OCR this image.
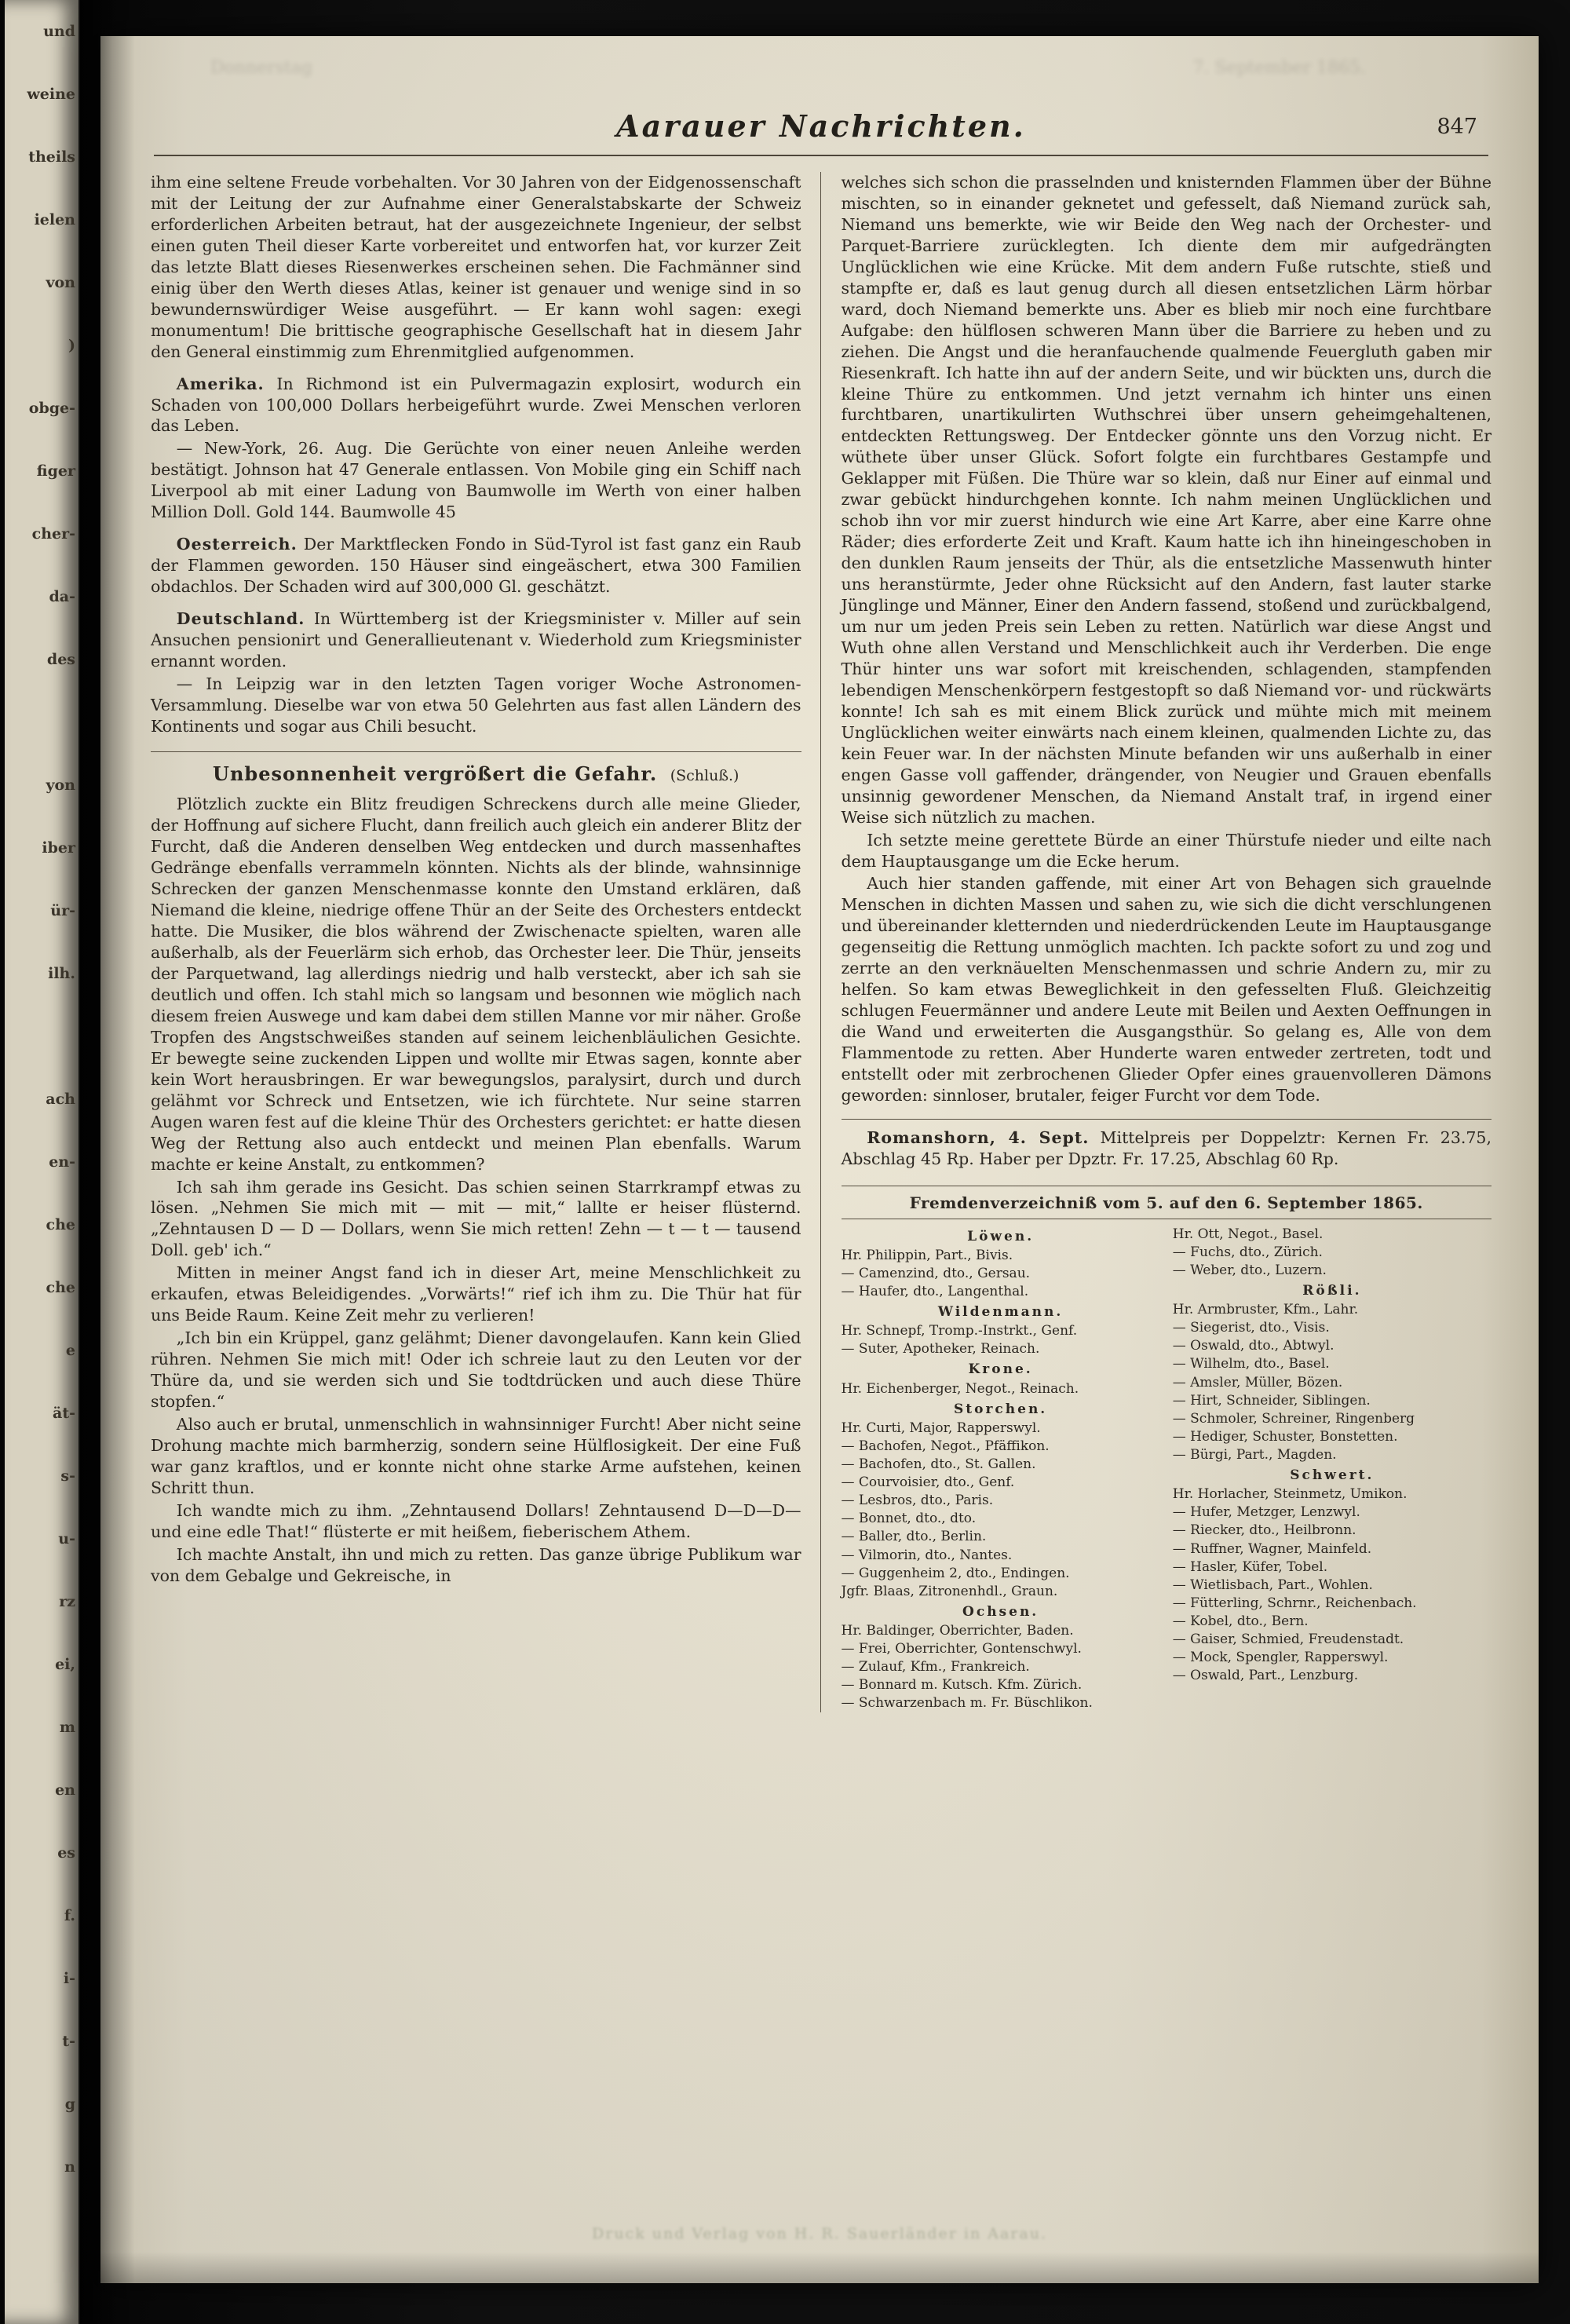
und
weine
theils
ielen
von
)
obge-
figer
cher-
da-
des
yon
iber
ür-
ilh.
ach
en-
che
che
e
ät-
s-
u-
rz
ei,
m
en
es
f.
i-
t-
g
n
Donnerstag	7. September 1865.
Aarauer Nachrichten.	847

ihm eine seltene Freude vorbehalten. Vor 30 Jahren von der Eidgenossenschaft mit der Leitung der zur Aufnahme einer Generalstabskarte der Schweiz erforderlichen Arbeiten betraut, hat der ausgezeichnete Ingenieur, der selbst einen guten Theil dieser Karte vorbereitet und entworfen hat, vor kurzer Zeit das letzte Blatt dieses Riesenwerkes erscheinen sehen. Die Fachmänner sind einig über den Werth dieses Atlas, keiner ist genauer und wenige sind in so bewundernswürdiger Weise ausgeführt. — Er kann wohl sagen: exegi monumentum! Die brittische geographische Gesellschaft hat in diesem Jahr den General einstimmig zum Ehrenmitglied aufgenommen.

Amerika. In Richmond ist ein Pulvermagazin explosirt, wodurch ein Schaden von 100,000 Dollars herbeigeführt wurde. Zwei Menschen verloren das Leben.

— New-York, 26. Aug. Die Gerüchte von einer neuen Anleihe werden bestätigt. Johnson hat 47 Generale entlassen. Von Mobile ging ein Schiff nach Liverpool ab mit einer Ladung von Baumwolle im Werth von einer halben Million Doll. Gold 144. Baumwolle 45

Oesterreich. Der Marktflecken Fondo in Süd-Tyrol ist fast ganz ein Raub der Flammen geworden. 150 Häuser sind eingeäschert, etwa 300 Familien obdachlos. Der Schaden wird auf 300,000 Gl. geschätzt.

Deutschland. In Württemberg ist der Kriegsminister v. Miller auf sein Ansuchen pensionirt und Generallieutenant v. Wiederhold zum Kriegsminister ernannt worden.

— In Leipzig war in den letzten Tagen voriger Woche Astronomen-Versammlung. Dieselbe war von etwa 50 Gelehrten aus fast allen Ländern des Kontinents und sogar aus Chili besucht.

Unbesonnenheit vergrößert die Gefahr. (Schluß.)
Plötzlich zuckte ein Blitz freudigen Schreckens durch alle meine Glieder, der Hoffnung auf sichere Flucht, dann freilich auch gleich ein anderer Blitz der Furcht, daß die Anderen denselben Weg entdecken und durch massenhaftes Gedränge ebenfalls verrammeln könnten. Nichts als der blinde, wahnsinnige Schrecken der ganzen Menschenmasse konnte den Umstand erklären, daß Niemand die kleine, niedrige offene Thür an der Seite des Orchesters entdeckt hatte. Die Musiker, die blos während der Zwischenacte spielten, waren alle außerhalb, als der Feuerlärm sich erhob, das Orchester leer. Die Thür, jenseits der Parquetwand, lag allerdings niedrig und halb versteckt, aber ich sah sie deutlich und offen. Ich stahl mich so langsam und besonnen wie möglich nach diesem freien Auswege und kam dabei dem stillen Manne vor mir näher. Große Tropfen des Angstschweißes standen auf seinem leichenbläulichen Gesichte. Er bewegte seine zuckenden Lippen und wollte mir Etwas sagen, konnte aber kein Wort herausbringen. Er war bewegungslos, paralysirt, durch und durch gelähmt vor Schreck und Entsetzen, wie ich fürchtete. Nur seine starren Augen waren fest auf die kleine Thür des Orchesters gerichtet: er hatte diesen Weg der Rettung also auch entdeckt und meinen Plan ebenfalls. Warum machte er keine Anstalt, zu entkommen?
Ich sah ihm gerade ins Gesicht. Das schien seinen Starrkrampf etwas zu lösen. „Nehmen Sie mich mit — mit — mit,“ lallte er heiser flüsternd. „Zehntausen D — D — Dollars, wenn Sie mich retten! Zehn — t — t — tausend Doll. geb' ich.“
Mitten in meiner Angst fand ich in dieser Art, meine Menschlichkeit zu erkaufen, etwas Beleidigendes. „Vorwärts!“ rief ich ihm zu. Die Thür hat für uns Beide Raum. Keine Zeit mehr zu verlieren!
„Ich bin ein Krüppel, ganz gelähmt; Diener davongelaufen. Kann kein Glied rühren. Nehmen Sie mich mit! Oder ich schreie laut zu den Leuten vor der Thüre da, und sie werden sich und Sie todtdrücken und auch diese Thüre stopfen.“
Also auch er brutal, unmenschlich in wahnsinniger Furcht! Aber nicht seine Drohung machte mich barmherzig, sondern seine Hülflosigkeit. Der eine Fuß war ganz kraftlos, und er konnte nicht ohne starke Arme aufstehen, keinen Schritt thun.
Ich wandte mich zu ihm. „Zehntausend Dollars! Zehntausend D—D—D— und eine edle That!“ flüsterte er mit heißem, fieberischem Athem.
Ich machte Anstalt, ihn und mich zu retten. Das ganze übrige Publikum war von dem Gebalge und Gekreische, in
welches sich schon die prasselnden und knisternden Flammen über der Bühne mischten, so in einander geknetet und gefesselt, daß Niemand zurück sah, Niemand uns bemerkte, wie wir Beide den Weg nach der Orchester- und Parquet-Barriere zurücklegten. Ich diente dem mir aufgedrängten Unglücklichen wie eine Krücke. Mit dem andern Fuße rutschte, stieß und stampfte er, daß es laut genug durch all diesen entsetzlichen Lärm hörbar ward, doch Niemand bemerkte uns. Aber es blieb mir noch eine furchtbare Aufgabe: den hülflosen schweren Mann über die Barriere zu heben und zu ziehen. Die Angst und die heranfauchende qualmende Feuergluth gaben mir Riesenkraft. Ich hatte ihn auf der andern Seite, und wir bückten uns, durch die kleine Thüre zu entkommen. Und jetzt vernahm ich hinter uns einen furchtbaren, unartikulirten Wuthschrei über unsern geheimgehaltenen, entdeckten Rettungsweg. Der Entdecker gönnte uns den Vorzug nicht. Er wüthete über unser Glück. Sofort folgte ein furchtbares Gestampfe und Geklapper mit Füßen. Die Thüre war so klein, daß nur Einer auf einmal und zwar gebückt hindurchgehen konnte. Ich nahm meinen Unglücklichen und schob ihn vor mir zuerst hindurch wie eine Art Karre, aber eine Karre ohne Räder; dies erforderte Zeit und Kraft. Kaum hatte ich ihn hineingeschoben in den dunklen Raum jenseits der Thür, als die entsetzliche Massenwuth hinter uns heranstürmte, Jeder ohne Rücksicht auf den Andern, fast lauter starke Jünglinge und Männer, Einer den Andern fassend, stoßend und zurückbalgend, um nur um jeden Preis sein Leben zu retten. Natürlich war diese Angst und Wuth ohne allen Verstand und Menschlichkeit auch ihr Verderben. Die enge Thür hinter uns war sofort mit kreischenden, schlagenden, stampfenden lebendigen Menschenkörpern festgestopft so daß Niemand vor- und rückwärts konnte! Ich sah es mit einem Blick zurück und mühte mich mit meinem Unglücklichen weiter einwärts nach einem kleinen, qualmenden Lichte zu, das kein Feuer war. In der nächsten Minute befanden wir uns außerhalb in einer engen Gasse voll gaffender, drängender, von Neugier und Grauen ebenfalls unsinnig gewordener Menschen, da Niemand Anstalt traf, in irgend einer Weise sich nützlich zu machen.
Ich setzte meine gerettete Bürde an einer Thürstufe nieder und eilte nach dem Hauptausgange um die Ecke herum.
Auch hier standen gaffende, mit einer Art von Behagen sich grauelnde Menschen in dichten Massen und sahen zu, wie sich die dicht verschlungenen und übereinander kletternden und niederdrückenden Leute im Hauptausgange gegenseitig die Rettung unmöglich machten. Ich packte sofort zu und zog und zerrte an den verknäuelten Menschenmassen und schrie Andern zu, mir zu helfen. So kam etwas Beweglichkeit in den gefesselten Fluß. Gleichzeitig schlugen Feuermänner und andere Leute mit Beilen und Aexten Oeffnungen in die Wand und erweiterten die Ausgangsthür. So gelang es, Alle von dem Flammentode zu retten. Aber Hunderte waren entweder zertreten, todt und entstellt oder mit zerbrochenen Glieder Opfer eines grauenvolleren Dämons geworden: sinnloser, brutaler, feiger Furcht vor dem Tode.

Romanshorn, 4. Sept. Mittelpreis per Doppelztr: Kernen Fr. 23.75, Abschlag 45 Rp. Haber per Dpztr. Fr. 17.25, Abschlag 60 Rp.

Fremdenverzeichniß vom 5. auf den 6. September 1865.
Löwen.
Hr. Philippin, Part., Bivis.
— Camenzind, dto., Gersau.
— Haufer, dto., Langenthal.
Wildenmann.
Hr. Schnepf, Tromp.-Instrkt., Genf.
— Suter, Apotheker, Reinach.
Krone.
Hr. Eichenberger, Negot., Reinach.
Storchen.
Hr. Curti, Major, Rapperswyl.
— Bachofen, Negot., Pfäffikon.
— Bachofen, dto., St. Gallen.
— Courvoisier, dto., Genf.
— Lesbros, dto., Paris.
— Bonnet, dto., dto.
— Baller, dto., Berlin.
— Vilmorin, dto., Nantes.
— Guggenheim 2, dto., Endingen.
Jgfr. Blaas, Zitronenhdl., Graun.
Ochsen.
Hr. Baldinger, Oberrichter, Baden.
— Frei, Oberrichter, Gontenschwyl.
— Zulauf, Kfm., Frankreich.
— Bonnard m. Kutsch. Kfm. Zürich.
— Schwarzenbach m. Fr. Büschlikon.
Hr. Ott, Negot., Basel.
— Fuchs, dto., Zürich.
— Weber, dto., Luzern.
Rößli.
Hr. Armbruster, Kfm., Lahr.
— Siegerist, dto., Visis.
— Oswald, dto., Abtwyl.
— Wilhelm, dto., Basel.
— Amsler, Müller, Bözen.
— Hirt, Schneider, Siblingen.
— Schmoler, Schreiner, Ringenberg
— Hediger, Schuster, Bonstetten.
— Bürgi, Part., Magden.
Schwert.
Hr. Horlacher, Steinmetz, Umikon.
— Hufer, Metzger, Lenzwyl.
— Riecker, dto., Heilbronn.
— Ruffner, Wagner, Mainfeld.
— Hasler, Küfer, Tobel.
— Wietlisbach, Part., Wohlen.
— Fütterling, Schrnr., Reichenbach.
— Kobel, dto., Bern.
— Gaiser, Schmied, Freudenstadt.
— Mock, Spengler, Rapperswyl.
— Oswald, Part., Lenzburg.
Druck und Verlag von H. R. Sauerländer in Aarau.
